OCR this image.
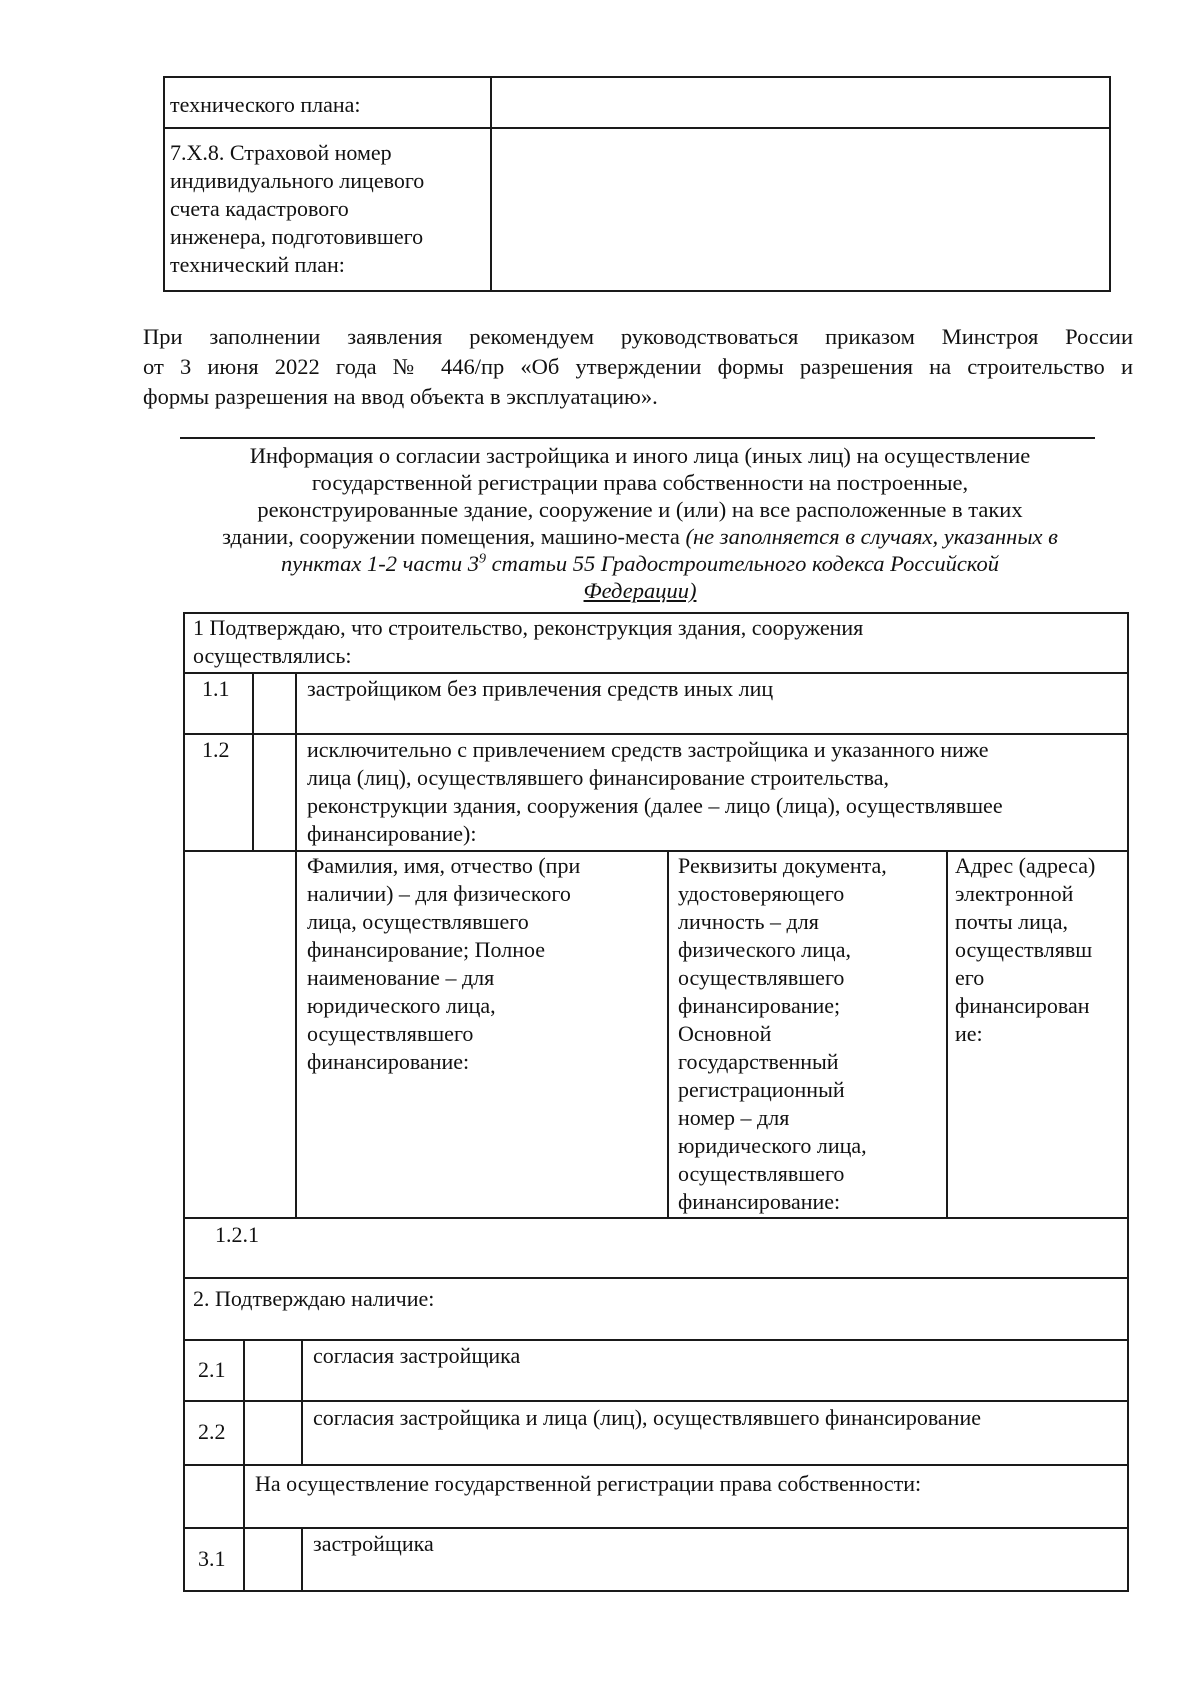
технического плана:
7.Х.8. Страховой номер
индивидуального лицевого
счета кадастрового
инженера, подготовившего
технический план:
При заполнении заявления рекомендуем руководствоваться приказом Минстроя России
от 3 июня 2022 года № 446/пр «Об утверждении формы разрешения на строительство и
формы разрешения на ввод объекта в эксплуатацию».
Информация о согласии застройщика и иного лица (иных лиц) на осуществление
государственной регистрации права собственности на построенные,
реконструированные здание, сооружение и (или) на все расположенные в таких
здании, сооружении помещения, машино-места (не заполняется в случаях, указанных в
пунктах 1-2 части $3^9$ статьи 55 Градостроительного кодекса Российской
Федерации)
1 Подтверждаю, что строительство, реконструкция здания, сооружения
осуществлялись:
1.1	застройщиком без привлечения средств иных лиц
1.2	исключительно с привлечением средств застройщика и указанного ниже
лица (лиц), осуществлявшего финансирование строительства,
реконструкции здания, сооружения (далее – лицо (лица), осуществлявшее
финансирование):
Фамилия, имя, отчество (при
наличии) – для физического
лица, осуществлявшего
финансирование; Полное
наименование – для
юридического лица,
осуществлявшего
финансирование:
Реквизиты документа,
удостоверяющего
личность – для
физического лица,
осуществлявшего
финансирование;
Основной
государственный
регистрационный
номер – для
юридического лица,
осуществлявшего
финансирование:
Адрес (адреса)
электронной
почты лица,
осуществлявш
его
финансирован
ие:
1.2.1
2. Подтверждаю наличие:
2.1
согласия застройщика
2.2
согласия застройщика и лица (лиц), осуществлявшего финансирование
На осуществление государственной регистрации права собственности:
3.1
застройщика
